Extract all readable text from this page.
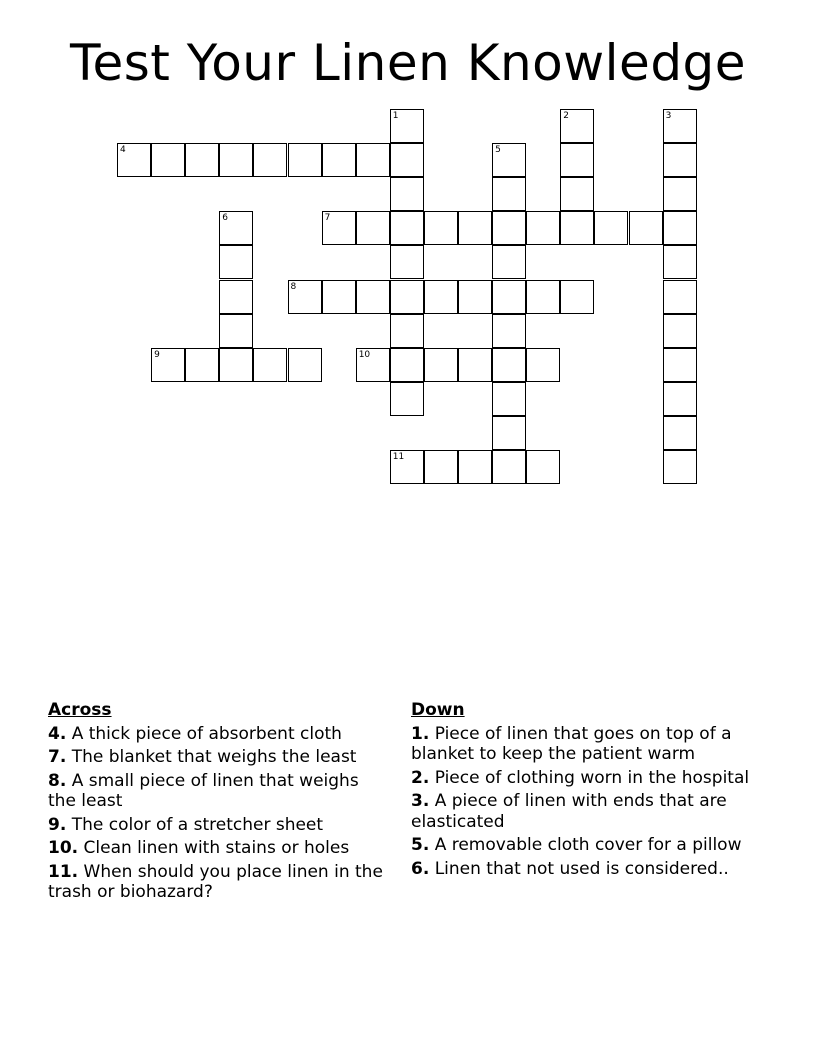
Test Your Linen Knowledge
1	2	3
4	5
6	7
8
9	10
11
Across
4. A thick piece of absorbent cloth
7. The blanket that weighs the least
8. A small piece of linen that weighs the least
9. The color of a stretcher sheet
10. Clean linen with stains or holes
11. When should you place linen in the trash or biohazard?
Down
1. Piece of linen that goes on top of a blanket to keep the patient warm
2. Piece of clothing worn in the hospital
3. A piece of linen with ends that are elasticated
5. A removable cloth cover for a pillow
6. Linen that not used is considered..
